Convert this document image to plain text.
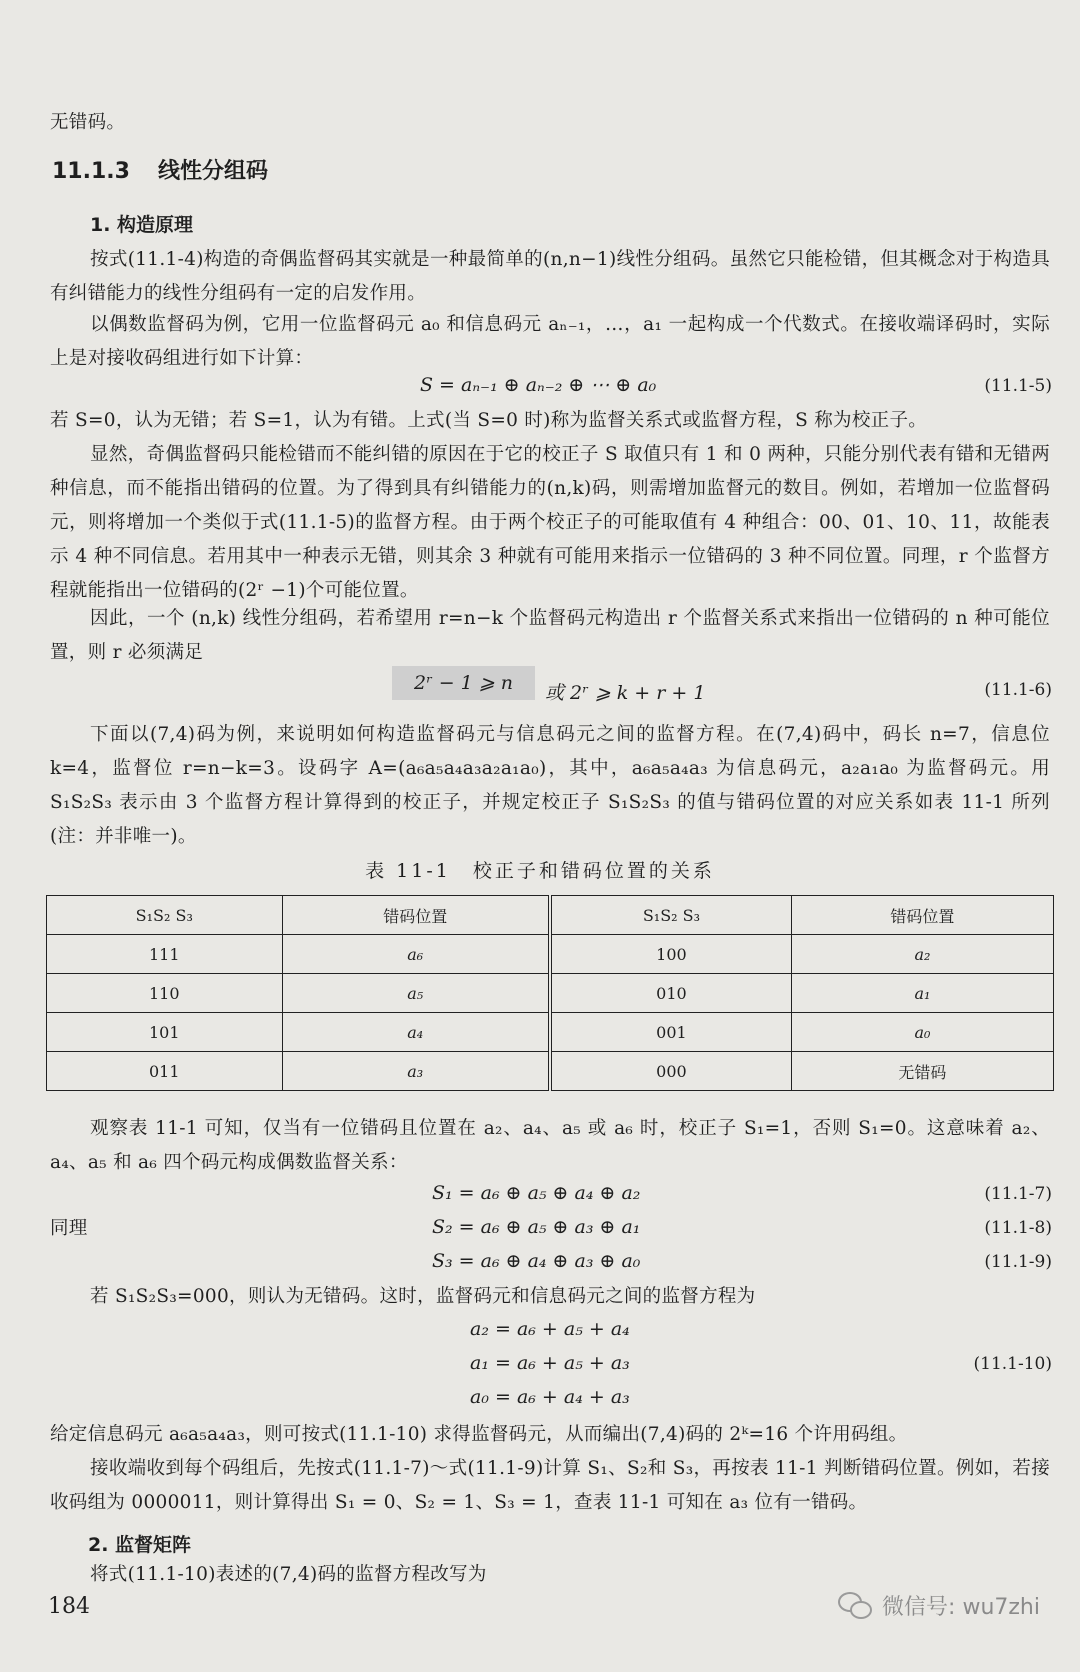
无错码。
11.1.3 线性分组码
1. 构造原理
按式(11.1-4)构造的奇偶监督码其实就是一种最简单的(n,n−1)线性分组码。虽然它只能检错，但其概念对于构造具有纠错能力的线性分组码有一定的启发作用。
以偶数监督码为例，它用一位监督码元 a₀ 和信息码元 aₙ₋₁，…，a₁ 一起构成一个代数式。在接收端译码时，实际上是对接收码组进行如下计算：
S = aₙ₋₁ ⊕ aₙ₋₂ ⊕ ⋯ ⊕ a₀	(11.1-5)
若 S=0，认为无错；若 S=1，认为有错。上式(当 S=0 时)称为监督关系式或监督方程，S 称为校正子。
显然，奇偶监督码只能检错而不能纠错的原因在于它的校正子 S 取值只有 1 和 0 两种，只能分别代表有错和无错两种信息，而不能指出错码的位置。为了得到具有纠错能力的(n,k)码，则需增加监督元的数目。例如，若增加一位监督码元，则将增加一个类似于式(11.1-5)的监督方程。由于两个校正子的可能取值有 4 种组合：00、01、10、11，故能表示 4 种不同信息。若用其中一种表示无错，则其余 3 种就有可能用来指示一位错码的 3 种不同位置。同理，r 个监督方程就能指出一位错码的(2ʳ −1)个可能位置。
因此，一个 (n,k) 线性分组码，若希望用 r=n−k 个监督码元构造出 r 个监督关系式来指出一位错码的 n 种可能位置，则 r 必须满足
2ʳ − 1 ⩾ n	或 2ʳ ⩾ k + r + 1	(11.1-6)
下面以(7,4)码为例，来说明如何构造监督码元与信息码元之间的监督方程。在(7,4)码中，码长 n=7，信息位 k=4，监督位 r=n−k=3。设码字 A=(a₆a₅a₄a₃a₂a₁a₀)，其中，a₆a₅a₄a₃ 为信息码元，a₂a₁a₀ 为监督码元。用 S₁S₂S₃ 表示由 3 个监督方程计算得到的校正子，并规定校正子 S₁S₂S₃ 的值与错码位置的对应关系如表 11-1 所列(注：并非唯一)。
表 11-1　校正子和错码位置的关系
S₁S₂ S₃	错码位置	S₁S₂ S₃	错码位置
111	a₆	100	a₂
110	a₅	010	a₁
101	a₄	001	a₀
011	a₃	000	无错码
观察表 11-1 可知，仅当有一位错码且位置在 a₂、a₄、a₅ 或 a₆ 时，校正子 S₁=1，否则 S₁=0。这意味着 a₂、a₄、a₅ 和 a₆ 四个码元构成偶数监督关系：
S₁ = a₆ ⊕ a₅ ⊕ a₄ ⊕ a₂	(11.1-7)
同理	S₂ = a₆ ⊕ a₅ ⊕ a₃ ⊕ a₁	(11.1-8)
S₃ = a₆ ⊕ a₄ ⊕ a₃ ⊕ a₀	(11.1-9)
若 S₁S₂S₃=000，则认为无错码。这时，监督码元和信息码元之间的监督方程为
a₂ = a₆ + a₅ + a₄
a₁ = a₆ + a₅ + a₃	(11.1-10)
a₀ = a₆ + a₄ + a₃
给定信息码元 a₆a₅a₄a₃，则可按式(11.1-10) 求得监督码元，从而编出(7,4)码的 2ᵏ=16 个许用码组。
接收端收到每个码组后，先按式(11.1-7)～式(11.1-9)计算 S₁、S₂和 S₃，再按表 11-1 判断错码位置。例如，若接收码组为 0000011，则计算得出 S₁ = 0、S₂ = 1、S₃ = 1，查表 11-1 可知在 a₃ 位有一错码。
2. 监督矩阵
将式(11.1-10)表述的(7,4)码的监督方程改写为
184	微信号: wu7zhi
